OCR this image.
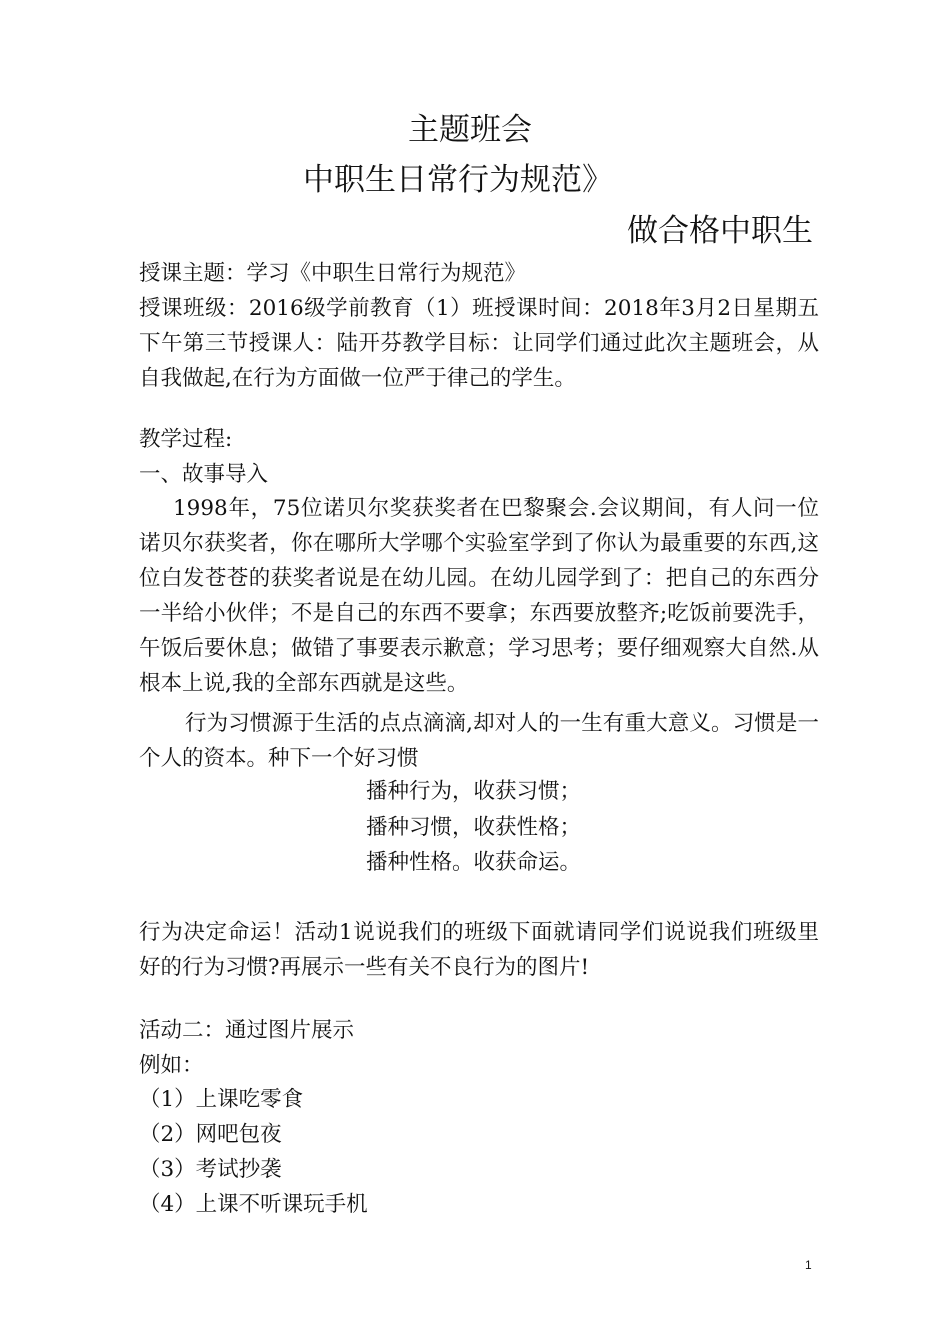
主题班会
中职生日常行为规范》
做合格中职生
授课主题：学习《中职生日常行为规范》
授课班级：2016级学前教育（1）班授课时间：2018年3月2日星期五下午第三节授课人：陆开芬教学目标：让同学们通过此次主题班会，从自我做起,在行为方面做一位严于律己的学生。
教学过程:
一、故事导入
1998年，75位诺贝尔奖获奖者在巴黎聚会.会议期间，有人问一位诺贝尔获奖者，你在哪所大学哪个实验室学到了你认为最重要的东西,这位白发苍苍的获奖者说是在幼儿园。在幼儿园学到了：把自己的东西分一半给小伙伴；不是自己的东西不要拿；东西要放整齐;吃饭前要洗手，午饭后要休息；做错了事要表示歉意；学习思考；要仔细观察大自然.从根本上说,我的全部东西就是这些。
行为习惯源于生活的点点滴滴,却对人的一生有重大意义。习惯是一个人的资本。种下一个好习惯
播种行为，收获习惯；
播种习惯，收获性格；
播种性格。收获命运。
行为决定命运！活动1说说我们的班级下面就请同学们说说我们班级里好的行为习惯?再展示一些有关不良行为的图片!
活动二：通过图片展示
例如：
（1）上课吃零食
（2）网吧包夜
（3）考试抄袭
（4）上课不听课玩手机
1
